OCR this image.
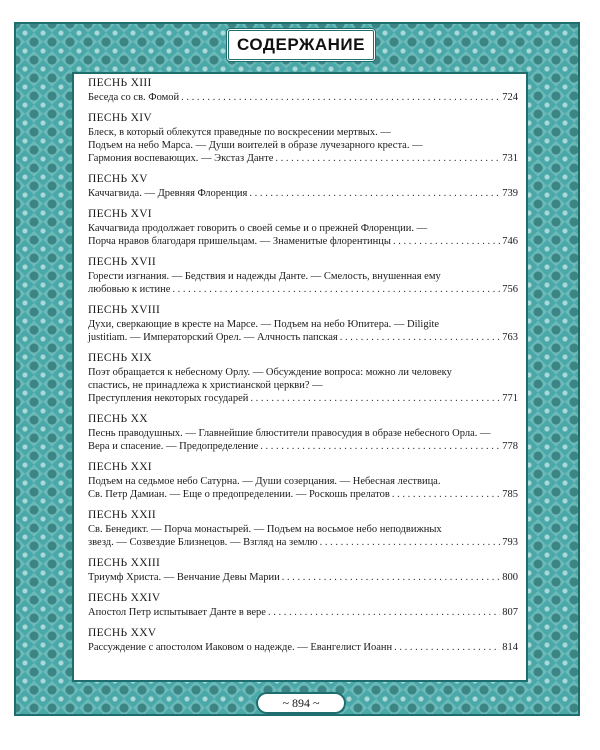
СОДЕРЖАНИЕ
ПЕСНЬ XIII
Беседа со св. Фомой . . .	724
ПЕСНЬ XIV
Блеск, в который облекутся праведные по воскресении мертвых. —
Подъем на небо Марса. — Души воителей в образе лучезарного креста. —
Гармония воспевающих. — Экстаз Данте . . .	731
ПЕСНЬ XV
Каччагвида. — Древняя Флоренция . . .	739
ПЕСНЬ XVI
Каччагвида продолжает говорить о своей семье и о прежней Флоренции. —
Порча нравов благодаря пришельцам. — Знаменитые флорентинцы . . .	746
ПЕСНЬ XVII
Горести изгнания. — Бедствия и надежды Данте. — Смелость, внушенная ему
любовью к истине . . .	756
ПЕСНЬ XVIII
Духи, сверкающие в кресте на Марсе. — Подъем на небо Юпитера. — Diligite
justitiam. — Императорский Орел. — Алчность папская . . .	763
ПЕСНЬ XIX
Поэт обращается к небесному Орлу. — Обсуждение вопроса: можно ли человеку
спастись, не принадлежа к христианской церкви? —
Преступления некоторых государей . . .	771
ПЕСНЬ XX
Песнь праводушных. — Главнейшие блюстители правосудия в образе небесного Орла. —
Вера и спасение. — Предопределение . . .	778
ПЕСНЬ XXI
Подъем на седьмое небо Сатурна. — Души созерцания. — Небесная лествица.
Св. Петр Дамиан. — Еще о предопределении. — Роскошь прелатов . . .	785
ПЕСНЬ XXII
Св. Бенедикт. — Порча монастырей. — Подъем на восьмое небо неподвижных
звезд. — Созвездие Близнецов. — Взгляд на землю . . .	793
ПЕСНЬ XXIII
Триумф Христа. — Венчание Девы Марии . . .	800
ПЕСНЬ XXIV
Апостол Петр испытывает Данте в вере . . .	807
ПЕСНЬ XXV
Рассуждение с апостолом Иаковом о надежде. — Евангелист Иоанн . . .	814
~ 894 ~
